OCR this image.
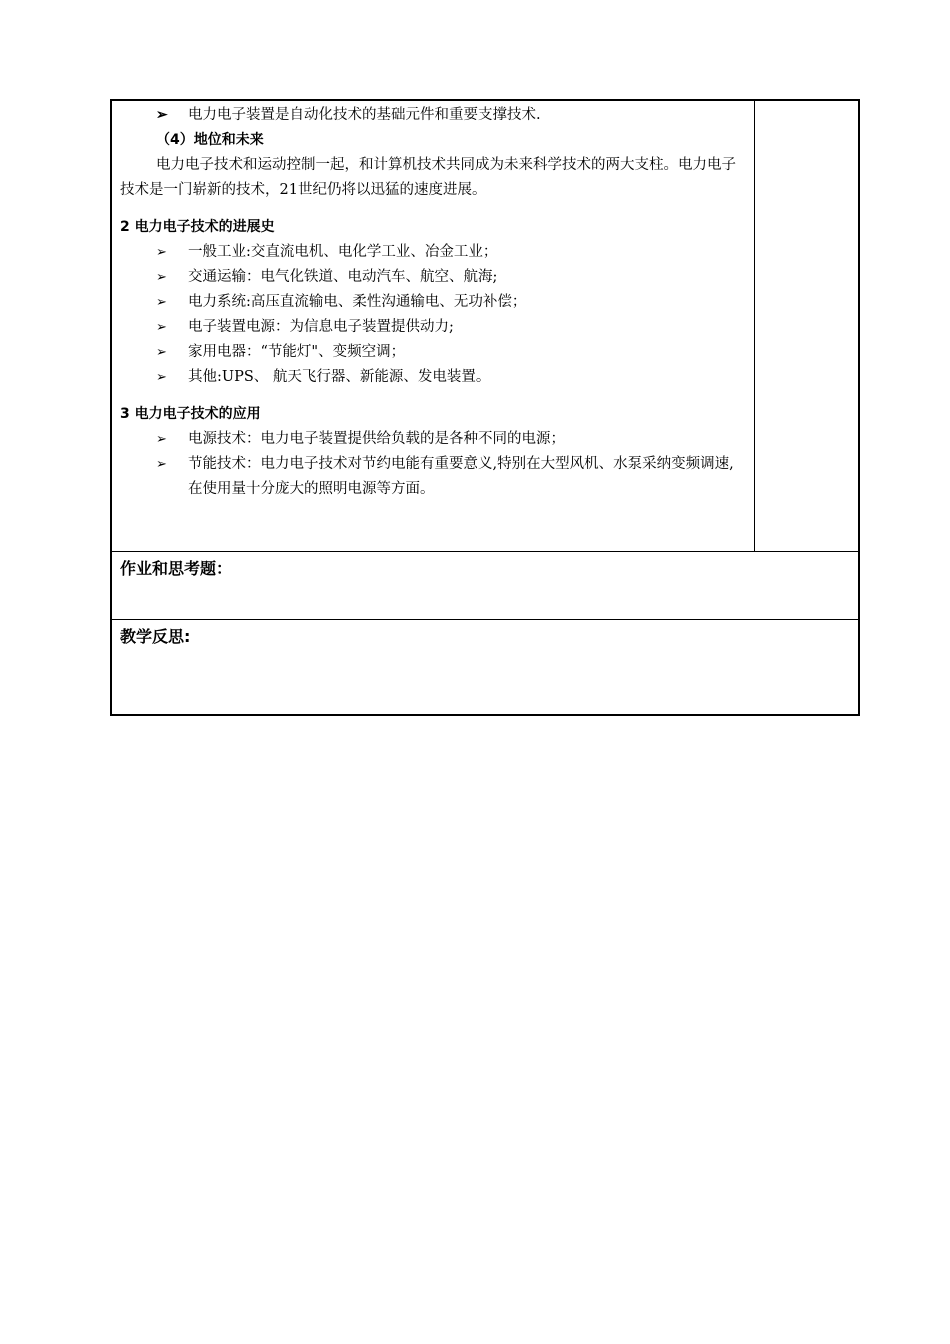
➢	电力电子装置是自动化技术的基础元件和重要支撑技术.
（4）地位和未来
电力电子技术和运动控制一起，和计算机技术共同成为未来科学技术的两大支柱。电力电子技术是一门崭新的技术，21世纪仍将以迅猛的速度进展。
2 电力电子技术的进展史
➢	一般工业:交直流电机、电化学工业、冶金工业；
➢	交通运输：电气化铁道、电动汽车、航空、航海;
➢	电力系统:高压直流输电、柔性沟通输电、无功补偿；
➢	电子装置电源：为信息电子装置提供动力;
➢	家用电器：“节能灯"、变频空调；
➢	其他:UPS、 航天飞行器、新能源、发电装置。
3 电力电子技术的应用
➢	电源技术：电力电子装置提供给负载的是各种不同的电源；
➢	节能技术：电力电子技术对节约电能有重要意义,特别在大型风机、水泵采纳变频调速,在使用量十分庞大的照明电源等方面。
作业和思考题：
教学反思:
